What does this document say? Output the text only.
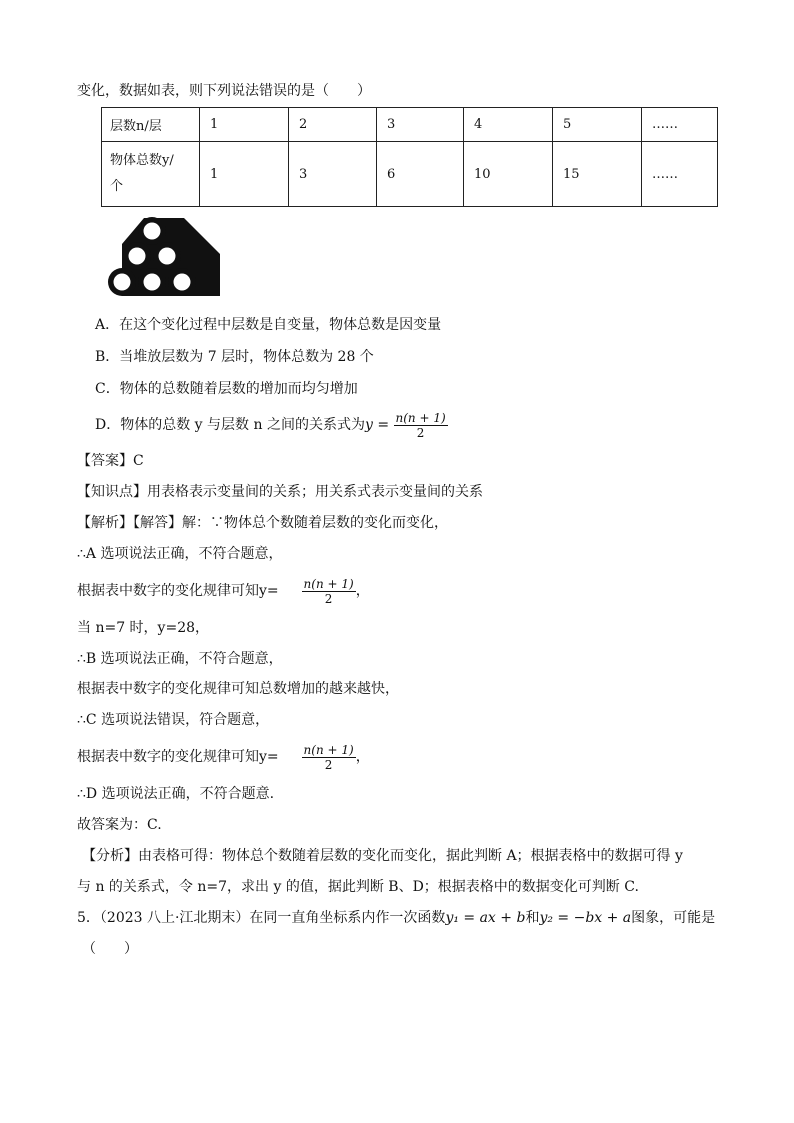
变化，数据如表，则下列说法错误的是（　　）
层数n/层	1	2	3	4	5	……

物体总数y/
个	1	3	6	10	15	……
A．在这个变化过程中层数是自变量，物体总数是因变量
B．当堆放层数为 7 层时，物体总数为 28 个
C．物体的总数随着层数的增加而均匀增加
D．物体的总数 y 与层数 n 之间的关系式为$y = \frac{n(n + 1)}{2}$
【答案】C
【知识点】用表格表示变量间的关系；用关系式表示变量间的关系
【解析】【解答】解：∵物体总个数随着层数的变化而变化，
∴A 选项说法正确，不符合题意，
根据表中数字的变化规律可知$y= \frac{n(n + 1)}{2}$ ，
当 n=7 时，y=28，
∴B 选项说法正确，不符合题意，
根据表中数字的变化规律可知总数增加的越来越快，
∴C 选项说法错误，符合题意，
根据表中数字的变化规律可知$y= \frac{n(n + 1)}{2}$ ，
∴D 选项说法正确，不符合题意.
故答案为：C.
【分析】由表格可得：物体总个数随着层数的变化而变化，据此判断 A；根据表格中的数据可得 y
与 n 的关系式，令 n=7，求出 y 的值，据此判断 B、D；根据表格中的数据变化可判断 C.
5．（2023 八上·江北期末）在同一直角坐标系内作一次函数y₁ = ax + b和y₂ = −bx + a图象，可能是
（　　）
